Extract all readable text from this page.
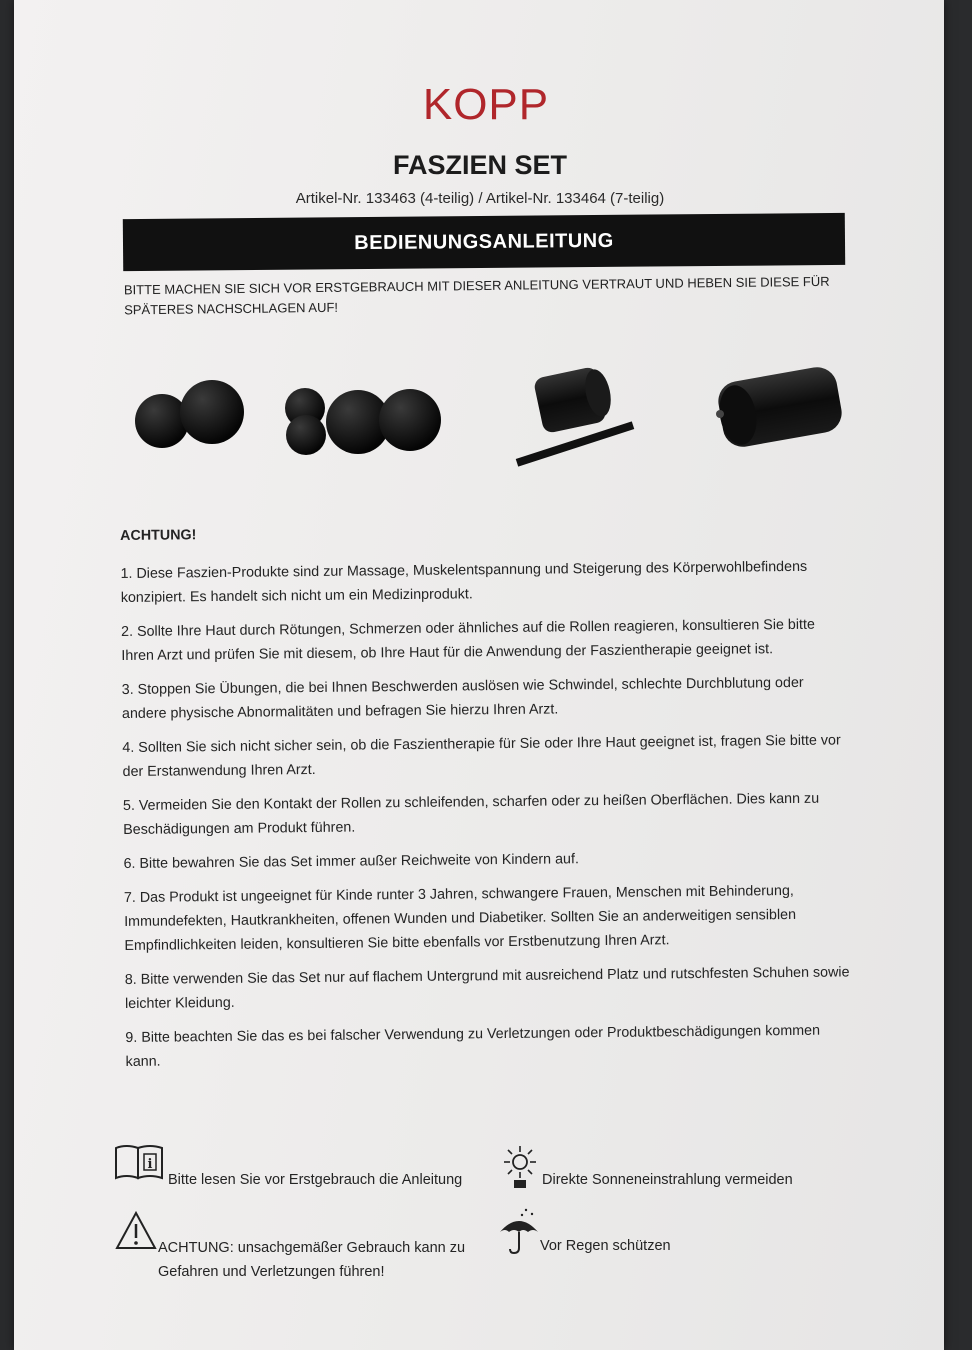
KOPP
FASZIEN SET
Artikel-Nr. 133463 (4-teilig) / Artikel-Nr. 133464 (7-teilig)
BEDIENUNGSANLEITUNG
BITTE MACHEN SIE SICH VOR ERSTGEBRAUCH MIT DIESER ANLEITUNG VERTRAUT UND HEBEN SIE DIESE FÜR SPÄTERES NACHSCHLAGEN AUF!
ACHTUNG!

1. Diese Faszien-Produkte sind zur Massage, Muskelentspannung und Steigerung des Körperwohlbefindens konzipiert. Es handelt sich nicht um ein Medizinprodukt.

2. Sollte Ihre Haut durch Rötungen, Schmerzen oder ähnliches auf die Rollen reagieren, konsultieren Sie bitte Ihren Arzt und prüfen Sie mit diesem, ob Ihre Haut für die Anwendung der Faszientherapie geeignet ist.

3. Stoppen Sie Übungen, die bei Ihnen Beschwerden auslösen wie Schwindel, schlechte Durchblutung oder andere physische Abnormalitäten und befragen Sie hierzu Ihren Arzt.

4. Sollten Sie sich nicht sicher sein, ob die Faszientherapie für Sie oder Ihre Haut geeignet ist, fragen Sie bitte vor der Erstanwendung Ihren Arzt.

5. Vermeiden Sie den Kontakt der Rollen zu schleifenden, scharfen oder zu heißen Oberflächen. Dies kann zu Beschädigungen am Produkt führen.

6. Bitte bewahren Sie das Set immer außer Reichweite von Kindern auf.

7. Das Produkt ist ungeeignet für Kinde runter 3 Jahren, schwangere Frauen, Menschen mit Behinderung, Immundefekten, Hautkrankheiten, offenen Wunden und Diabetiker. Sollten Sie an anderweitigen sensiblen Empfindlichkeiten leiden, konsultieren Sie bitte ebenfalls vor Erstbenutzung Ihren Arzt.

8. Bitte verwenden Sie das Set nur auf flachem Untergrund mit ausreichend Platz und rutschfesten Schuhen sowie leichter Kleidung.

9. Bitte beachten Sie das es bei falscher Verwendung zu Verletzungen oder Produktbeschädigungen kommen kann.

i
Bitte lesen Sie vor Erstgebrauch die Anleitung	Direkte Sonneneinstrahlung vermeiden
ACHTUNG: unsachgemäßer Gebrauch kann zu Gefahren und Verletzungen führen!
Vor Regen schützen
